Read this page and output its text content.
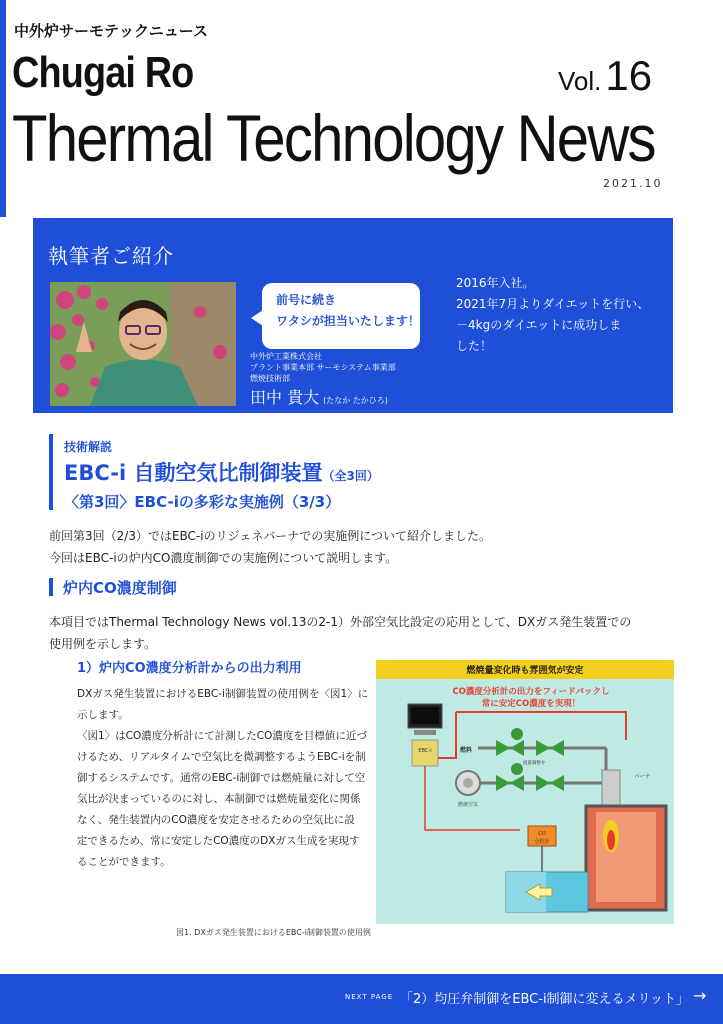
中外炉サーモテックニュース
Chugai Ro
Thermal Technology News
Vol.16
2021.10
執筆者ご紹介
前号に続き
ワタシが担当いたします！
中外炉工業株式会社
プラント事業本部 サーモシステム事業部
燃焼技術部
田中 貴大 (たなか たかひろ)
2016年入社。
2021年7月よりダイエットを行い、
－4kgのダイエットに成功しま
した！
技術解説
EBC-i 自動空気比制御装置（全3回）
〈第3回〉EBC-iの多彩な実施例（3/3）
前回第3回（2/3）ではEBC-iのリジェネバーナでの実施例について紹介しました。
今回はEBC-iの炉内CO濃度制御での実施例について説明します。
炉内CO濃度制御
本項目ではThermal Technology News vol.13の2-1）外部空気比設定の応用として、DXガス発生装置での
使用例を示します。
1）炉内CO濃度分析計からの出力利用
DXガス発生装置におけるEBC-i制御装置の使用例を〈図1〉に
示します。
〈図1〉はCO濃度分析計にて計測したCO濃度を目標値に近づ
けるため、リアルタイムで空気比を微調整するようEBC-iを制
御するシステムです。通常のEBC-i制御では燃焼量に対して空
気比が決まっているのに対し、本制御では燃焼量変化に関係
なく、発生装置内のCO濃度を安定させるための空気比に設
定できるため、常に安定したCO濃度のDXガス生成を実現す
ることができます。
燃焼量変化時も雰囲気が安定
CO濃度分析計の出力をフィードバックし
常に安定CO濃度を実現！
EBC-i	燃料
流量調整弁
燃焼空気
バーナ
CO
分析計
図1. DXガス発生装置におけるEBC-i制御装置の使用例
NEXT PAGE 「2）均圧弁制御をEBC-i制御に変えるメリット」 →
